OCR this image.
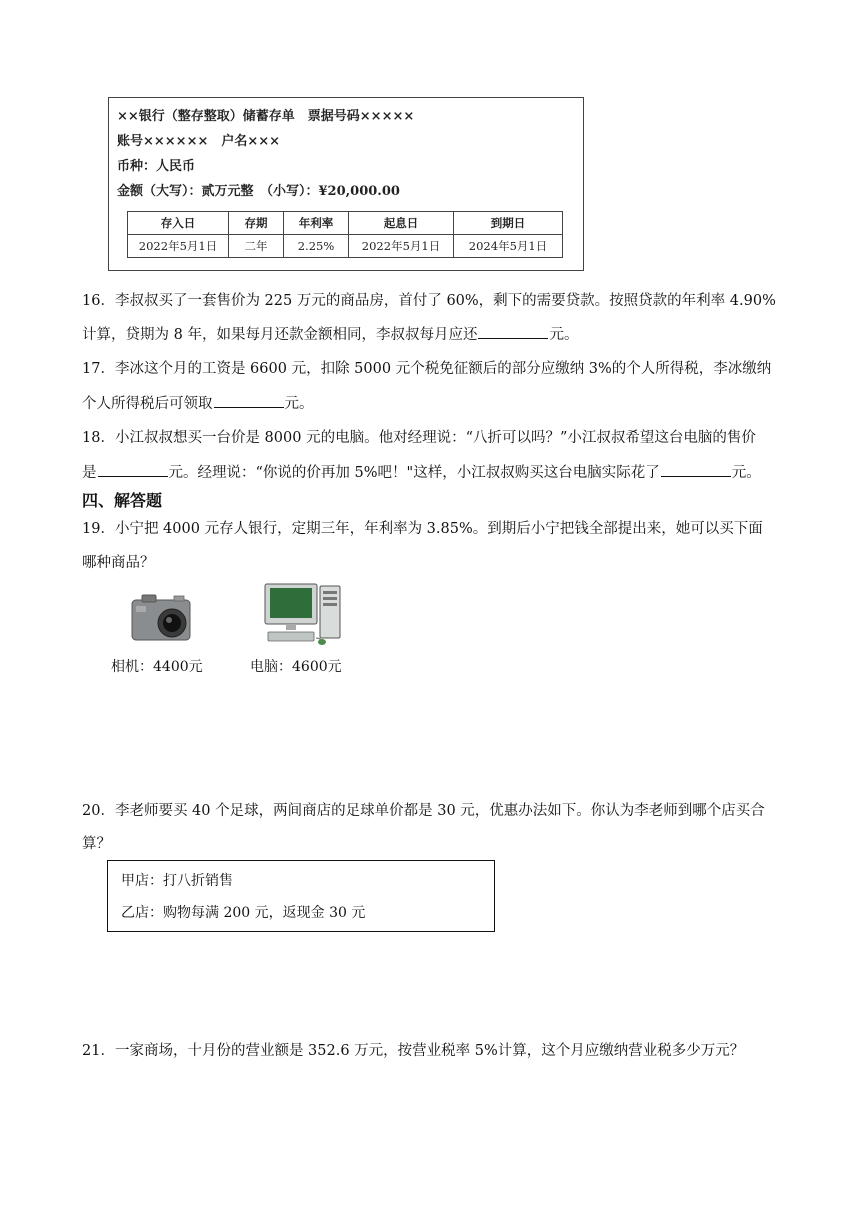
××银行（整存整取）储蓄存单　票据号码×××××
账号××××××　户名×××
币种：人民币
金额（大写）：贰万元整　（小写）：¥20,000.00
存入日	存期	年利率	起息日	到期日
2022年5月1日	二年	2.25%	2022年5月1日	2024年5月1日
16．李叔叔买了一套售价为 225 万元的商品房，首付了 60%，剩下的需要贷款。按照贷款的年利率 4.90%
计算，贷期为 8 年，如果每月还款金额相同，李叔叔每月应还	元。
17．李冰这个月的工资是 6600 元，扣除 5000 元个税免征额后的部分应缴纳 3%的个人所得税，李冰缴纳
个人所得税后可领取	元。
18．小江叔叔想买一台价是 8000 元的电脑。他对经理说：“八折可以吗？”小江叔叔希望这台电脑的售价
是	元。经理说：“你说的价再加 5%吧！"这样，小江叔叔购买这台电脑实际花了	元。
四、解答题
19．小宁把 4000 元存人银行，定期三年，年利率为 3.85%。到期后小宁把钱全部提出来，她可以买下面
哪种商品？
相机：4400元	电脑：4600元
20．李老师要买 40 个足球，两间商店的足球单价都是 30 元，优惠办法如下。你认为李老师到哪个店买合
算？
甲店：打八折销售
乙店：购物每满 200 元，返现金 30 元
21．一家商场，十月份的营业额是 352.6 万元，按营业税率 5%计算，这个月应缴纳营业税多少万元？
